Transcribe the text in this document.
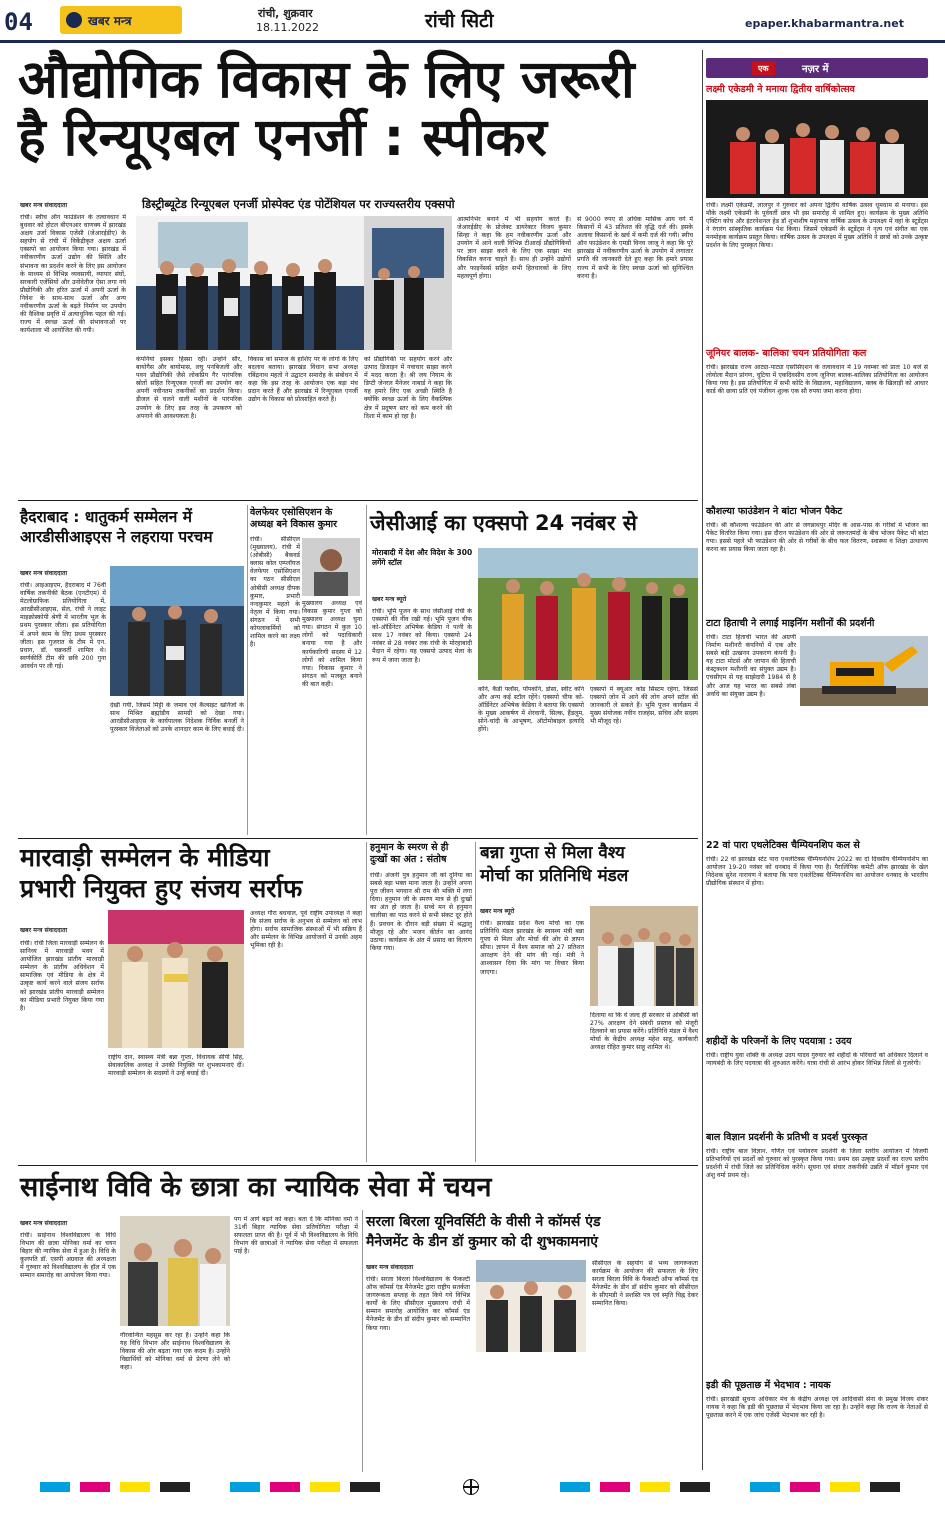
04	खबर मन्त्र
रांची, शुक्रवार
18.11.2022	रांची सिटी	epaper.khabarmantra.net
औद्योगिक विकास के लिए जरूरी
है रिन्यूएबल एनर्जी : स्पीकर
खबर मन्त्र संवाददाता	डिस्ट्रीब्यूटेड रिन्यूएबल एनर्जी प्रोस्पेक्ट एंड पोटेंशियल पर राज्यस्तरीय एक्सपो
रांची। स्वीच ऑन फाउंडेशन के तत्वावधान में बुधवार को होटल बीएनआर चाणक्य में झारखंड अक्षय उर्जा विकास एजेंसी (जेआरईडीए) के सहयोग से रांची में विकेंद्रीकृत अक्षय ऊर्जा एक्सपो का आयोजन किया गया। झारखंड में नवीकरणीय ऊर्जा उद्योग की स्थिति और संभावना का प्रदर्शन करने के लिए इस आयोजन के माध्यम से विभिन्न व्यवसायी, व्यापार संघों, सरकारी एजेंसियों और उनोवेतीज ऐसा लगा नये प्रौद्योगिकी और हरित ऊर्जा में अपनी ऊर्जा के निवेश के साथ-साथ ऊर्जा और अन्य नवीकरणीय ऊर्जा के बढ़ते निर्माण पर उपयोग की वैश्विक प्रवृत्ति में अत्याधुनिक पहल की गई। राज्य में स्वच्छ ऊर्जा की संभावनाओं पर कार्यशाला भी आयोजित की गयी।
कंपनियां इसका हिस्सा रहीं। उन्होंने सौर, बायोगैस और बायोमास, लघु पनबिजली और पवन प्रौद्योगिकी जैसे लोकप्रिय गैर पारंपरिक स्रोतों सहित रिन्यूएबल एनर्जी का उपयोग कर अपनी नवीनतम तकनीकों का प्रदर्शन किया। डीजल से चलने वाली मशीनों के पारंपरिक उपयोग के लिए इस तरह के उपकरण को अपनाने की आवश्यकता है।
विकास को समाज के हाशिए पर के लोगों के लिए बदलाव बताया। झारखंड विधान सभा अध्यक्ष रबिंद्रनाथ महतो ने उद्घाटन समारोह के संबोधन में कहा कि इस तरह के आयोजन एक बड़ा मंच प्रदान करते हैं और झारखंड में रिन्यूएबल एनर्जी उद्योग के विकास को प्रोत्साहित करते हैं।
को प्रौद्योगिकी पर सहयोग करने और उत्पाद डिजाइन में नवाचार साझा करने में मदद करता है। श्री जय नियाम के डिप्टी जेनरल मैनेजर नाबार्ड ने कहा कि यह हमारे लिए एक अच्छी स्थिति है क्योंकि स्वच्छ ऊर्जा के लिए वैकल्पिक क्षेत्र में प्रदूषण स्तर को कम करने की दिशा में काम हो रहा है।
आत्मनिर्भर बनाने में भी सहयोग करते हैं। जेआरईडीए के प्रोजेक्ट डायरेक्टर विजय कुमार सिन्हा ने कहा कि हम नवीकरणीय ऊर्जा और उपयोग में आने वाली विभिन्न टीआरई प्रौद्योगिकियों पर ज्ञान साझा करने के लिए एक साझा मंच विकसित करना चाहते हैं। साथ ही उन्होंने उद्योगों और फाइनेंसर्स सहित सभी हितधारकों के लिए महत्वपूर्ण होगा।
से 9000 रुपए से अधिक मासिक आय वर्ग में किसानों में 43 प्रतिशत की वृद्धि दर्ज की। इसके अलावा किसानों के खर्च में कमी दर्ज की गयी। स्वीच ऑन फाउंडेशन के एमडी विनय जाजू ने कहा कि पूरे झारखंड में नवीकरणीय ऊर्जा के उपयोग में लगातार प्रगति की जानकारी देते हुए कहा कि हमारे प्रयास राज्य में सभी के लिए स्वच्छ ऊर्जा को सुनिश्चित करना है।
हैदराबाद : धातुकर्म सम्मेलन में
आरडीसीआइएस ने लहराया परचम
खबर मन्त्र संवाददाता
रांची। आइआइएम, हैदराबाद में 76वीं वार्षिक तकनीकी बैठक (एनटीएम) में मेटलोग्राफिक प्रतियोगिता में, आरडीसीआइएस, सेल, रांची ने लाइट माइक्रोस्कोपी श्रेणी में भारतीय भूल के प्रथम पुरस्कार जीता। इस प्रतियोगिता में अपने काम के लिए प्रथम पुरस्कार जीता। इस गुजरात के टीम में एन. प्रधान, डॉ. चक्रवर्ती शामिल थे। स्वर्णकीर्ति टीम की छवि 200 गुना आवर्धन पर ली गई।
देखी गयी, जिसमें मिट्टी के जमाव एवं कैल्सइट खनिजों के साथ मिश्रित ब्रह्मांडीय सामग्री को देखा गया। आरडीसीआइएस के कार्यपालक निदेशक निर्विक बनर्जी ने पुरस्कार विजेताओं को उनके शानदार काम के लिए बधाई दी।
वेलफेयर एसोसिएशन के
अध्यक्ष बने विकास कुमार
रांची। सीसीएल (मुख्यालय), रांची में (ओबीसी) बैकवर्ड क्लास कोल एम्प्लॉयज वेलफेयर एसोसिएशन का गठन सीसीएल ओबीसी अध्यक्ष दीपक कुमार, प्रभारी नन्दकुमार महतो के नेतृत्व में किया गया। संगठन में सभी कोयलाकर्मियों को शामिल करने का लक्ष्य है।
मुख्यालय अध्यक्ष एवं विकास कुमार गुप्ता को मुख्यालय अध्यक्ष चुना गया। संगठन में कुल 10 लोगों को पदाधिकारी बनाया गया है और कार्यकारिणी सदस्य में 12 लोगों को शामिल किया गया। विकास कुमार ने संगठन को मजबूत बनाने की बात कही।
जेसीआई का एक्सपो 24 नवंबर से
मोराबादी में देश और विदेश के 300 लगेंगे स्टॉल
खबर मन्त्र ब्यूरो
रांची। भूमि पूजन के साथ जेसीआई रांची के एक्सपो की नींव रखी गई। भूमि पूजन चीफ को-ऑर्डिनेटर अभिषेक केडिया ने पत्नी के साथ 17 नवंबर को किया। एक्सपो 24 नवंबर से 28 नवंबर तक रांची के मोरहाबादी मैदान में रहेगा। यह एक्सपो उत्पाद मेला के रूप में जाना जाता है।
कॉर्न, कैंडी फ्लॉस, पॉपकॉर्न, डोसा, स्वीट कॉर्न और अन्य कई स्टॉल रहेंगे। एक्सपो चीफ को-ऑर्डिनेटर अभिषेक केडिया ने बताया कि एक्सपो के मुख्य आकर्षण में शेरवानी, सिल्क, हैंडलूम, सोने-चांदी के आभूषण, ऑटोमोबाइल इत्यादि होंगे।
एक्सपो में क्यूआर कोड सिस्टम रहेगा, जिससे एक्सपो जोन में आने की लोग अपने स्टॉल की जानकारी ले सकते हैं। भूमि पूजन कार्यक्रम में मुख्य संयोजक नवीन राजहंस, सचिव और सदस्य भी मौजूद रहे।
मारवाड़ी सम्मेलन के मीडिया
प्रभारी नियुक्त हुए संजय सर्राफ
खबर मन्त्र संवाददाता
रांची। रांची जिला मारवाड़ी सम्मेलन के सानिध्य में मारवाड़ी भवन में आयोजित झारखंड प्रांतीय मारवाड़ी सम्मेलन के प्रांतीय अधिवेशन में सामाजिक एवं मीडिया के क्षेत्र में उत्कृष्ट कार्य करने वाले संजय सर्राफ को झारखंड प्रांतीय मारवाड़ी सम्मेलन का मीडिया प्रभारी नियुक्त किया गया है।
राष्ट्रीय दान, स्वास्थ्य मंत्री बन्ना गुप्ता, विधायक सीपी सिंह, सेवाकालिक अध्यक्ष ने उनकी नियुक्ति पर शुभकामनाएं दीं। मारवाड़ी सम्मेलन के सदस्यों ने उन्हें बधाई दी।
अध्यक्ष गौरा बधवाल, पूर्व राष्ट्रीय उपाध्यक्ष ने कहा कि संजय सर्राफ के अनुभव से सम्मेलन को लाभ होगा। सर्राफ सामाजिक संस्थाओं में भी सक्रिय हैं और सम्मेलन के विभिन्न आयोजनों में उनकी अहम भूमिका रही है।
हनुमान के स्मरण से ही
दुःखों का अंत : संतोष
रांची। अंजनी पुत्र हनुमान जी को दुनिया का सबसे बड़ा भक्त माना जाता है। उन्होंने अपना पूरा जीवन भगवान श्री राम की भक्ति में लगा दिया। हनुमान जी के स्मरण मात्र से ही दुःखों का अंत हो जाता है। सच्चे मन से हनुमान चालीसा का पाठ करने से सभी संकट दूर होते हैं। प्रवचन के दौरान बड़ी संख्या में श्रद्धालु मौजूद रहे और भजन कीर्तन का आनंद उठाया। कार्यक्रम के अंत में प्रसाद का वितरण किया गया।
बन्ना गुप्ता से मिला वैश्य
मोर्चा का प्रतिनिधि मंडल
खबर मन्त्र ब्यूरो
रांची। झारखंड प्रदेश वैश्य मोर्चा का एक प्रतिनिधि मंडल झारखंड के स्वास्थ्य मंत्री बन्ना गुप्ता से मिला और मोर्चा की ओर से ज्ञापन सौंपा। ज्ञापन में वैश्य समाज को 27 प्रतिशत आरक्षण देने की मांग की गई। मंत्री ने आश्वासन दिया कि मांग पर विचार किया जाएगा।
दिलाया था कि वे जल्द ही सरकार से ओबीसी को 27% आरक्षण देने संबंधी प्रस्ताव को मंजूरी दिलवाने का प्रयास करेंगे। प्रतिनिधि मंडल में वैश्य मोर्चा के केंद्रीय अध्यक्ष महेश साहू, कार्यकारी अध्यक्ष रोहित कुमार साहू शामिल थे।
साईनाथ विवि के छात्रा का न्यायिक सेवा में चयन
खबर मन्त्र संवाददाता
रांची। साईनाथ विश्वविद्यालय के विधि विभाग की छात्रा मोनिका वर्मा का चयन बिहार की न्यायिक सेवा में हुआ है। विधि के कुलपति डॉ. एसपी अग्रवाल की अध्यक्षता में गुरुवार को विश्वविद्यालय के हॉल में एक सम्मान समारोह का आयोजन किया गया।
गौरवान्वित महसूस कर रहा है। उन्होंने कहा कि यह विधि विभाग और साईनाथ विश्वविद्यालय के विकास की ओर बढ़ता गया एक कदम है। उन्होंने विद्यार्थियों को मोनिका वर्मा से प्रेरणा लेने को कहा।
पग में आगे बढ़ने को कहा। बता दें कि मोनिका वर्मा ने 31वीं बिहार न्यायिक सेवा प्रतियोगिता परीक्षा में सफलता प्राप्त की है। पूर्व में भी विश्वविद्यालय के विधि विभाग की छात्राओं ने न्यायिक सेवा परीक्षा में सफलता पाई है।
सरला बिरला यूनिवर्सिटी के वीसी ने कॉमर्स एंड
मैनेजमेंट के डीन डॉ कुमार को दी शुभकामनाएं
खबर मन्त्र संवाददाता
रांची। सरला बिरला विश्वविद्यालय के फैकल्टी ऑफ कॉमर्स एंड मैनेजमेंट द्वारा राष्ट्रीय सतर्कता जागरूकता सप्ताह के तहत किये गये विभिन्न कार्यों के लिए सीसीएल मुख्यालय रांची में सम्मान समारोह आयोजित कर कॉमर्स एंड मैनेजमेंट के डीन डॉ संदीप कुमार को सम्मानित किया गया।
सीसीएल के सहयोग से भव्य जागरूकता कार्यक्रम के आयोजन की सफलता के लिए सरला बिरला विवि के फैकल्टी ऑफ कॉमर्स एंड मैनेजमेंट के डीन डॉ संदीप कुमार को सीसीएल के सीएमडी ने प्रशस्ति पत्र एवं स्मृति चिह्न देकर सम्मानित किया।
एक	नज़र में
लक्ष्मी एकेडमी ने मनाया द्वितीय वार्षिकोत्सव
रांची। लक्ष्मी एकेडमी, लालपुर ने गुरुवार को अपना द्वितीय वार्षिक उत्सव धूमधाम से मनाया। इस मौके लक्ष्मी एकेडमी के पूर्ववर्ती छात्र भी इस समारोह में शामिल हुए। कार्यक्रम के मुख्य अतिथि एक्टिंग कोच और इंटरनेशनल हेड डॉ शुभाशीष महापात्रा वार्षिक उत्सव के उपलक्ष्य में वहां के स्टूडेंट्स ने रंगारंग सांस्कृतिक कार्यक्रम पेश किया। जिसमें एकेडमी के स्टूडेंट्स ने नृत्य एवं संगीत का एक मनमोहक कार्यक्रम प्रस्तुत किया। वार्षिक उत्सव के उपलक्ष्य में मुख्य अतिथि ने छात्रों को उनके उत्कृष्ट प्रदर्शन के लिए पुरस्कृत किया।
जूनियर बालक- बालिका चयन प्रतियोगिता कल
रांची। झारखंड राज्य आट्या-पाट्या एसोसिएशन के तत्वावधान में 19 नवम्बर को प्रातः 10 बजे से लोयोला मैदान प्रांगण, चुटिया में एकदिवसीय राज्य जूनियर बालक-बालिका प्रतियोगिता का आयोजन किया गया है। इस प्रतियोगिता में सभी कोटि के विद्यालय, महाविद्यालय, क्लब के खिलाड़ी को आधार कार्ड की छाया प्रति एवं पंजीयन शुल्क एक सौ रुपया जमा करना होगा।
कौशल्या फाउंडेशन ने बांटा भोजन पैकेट
रांची। श्री कौशल्या फाउंडेशन की ओर से जगन्नाथपुर मंदिर के आस-पास के गरीबों में भोजन का पैकेट वितरित किया गया। इस दौरान फाउंडेशन की ओर से जरूरतमंदों के बीच भोजन पैकेट भी बांटा गया। इससे पहले भी फाउंडेशन की ओर से गरीबों के बीच फल वितरण, स्वास्थ्य व शिक्षा उत्थान्त्य करना का प्रयास किया जाता रहा है।
टाटा हिताची ने लगाई माइनिंग मशीनों की प्रदर्शनी
रांची। टाटा हिताची भारत की अग्रणी निर्माण मशीनरी कंपनियों में एक और सबसे बड़ी उत्खनन उपकरण कंपनी है। यह टाटा मोटर्स और जापान की हिताची कंस्ट्रक्शन मशीनरी का संयुक्त उद्यम है। एचसीएम से यह साझेदारी 1984 से है और आज यह भारत का सबसे लंबा अवधि का संयुक्त उद्यम है।
22 वां पारा एथलेटिक्स चैम्पियनशिप कल से
रांची। 22 वां झारखंड स्टेट पारा एथलेटिक्स चैम्पियनशिप 2022 का दो दिवसीय चैम्पियनशिप का आयोजन 19-20 नवंबर को धनबाद में किया गया है। पैरालिंपिक कमेटी ऑफ झारखंड के खेल निदेशक सुरेश नारायण ने बताया कि पारा एथलेटिक्स चैम्पियनशिप का आयोजन धनबाद के भारतीय प्रौद्योगिक संस्थान में होगा।
शहीदों के परिजनों के लिए पदयात्रा : उदय
रांची। राष्ट्रीय युवा शक्ति के अध्यक्ष उदय यादव गुरुवार को शहीदों के परिवारों को अधिकार दिलाने व न्यायबंदी के लिए पदयात्रा की शुरुआत करेंगे। यात्रा रांची से आरंभ होकर विभिन्न जिलों से गुजरेगी।
बाल विज्ञान प्रदर्शनी के प्रतिभी व प्रदर्श पुरस्कृत
रांची। राष्ट्रीय बाल विज्ञान, गणित एवं पर्यावरण प्रदर्शनी के जिला स्तरीय आयोजन में विजयी प्रतिभागियों एवं प्रदर्शों को गुरुवार को पुरस्कृत किया गया। प्रथम दस उत्कृष्ट प्रदर्शों का राज्य स्तरीय प्रदर्शनी में रांची जिले का प्रतिनिधित्व करेंगे। सूचना एवं संचार तकनीकी उन्नति में मॉडर्न कुमार एवं अंशु वर्मा प्रथम रहे।
इडी की पूछताछ में भेदभाव : नायक
रांची। झारखंडी सूचना अधिकार मंच के केंद्रीय अध्यक्ष एवं आदिवासी सेना के प्रमुख विजय शंकर नायक ने कहा कि इडी की पूछताछ में भेदभाव किया जा रहा है। उन्होंने कहा कि राज्य के नेताओं से पूछताछ करने में एक जांच एजेंसी भेदभाव कर रही है।
